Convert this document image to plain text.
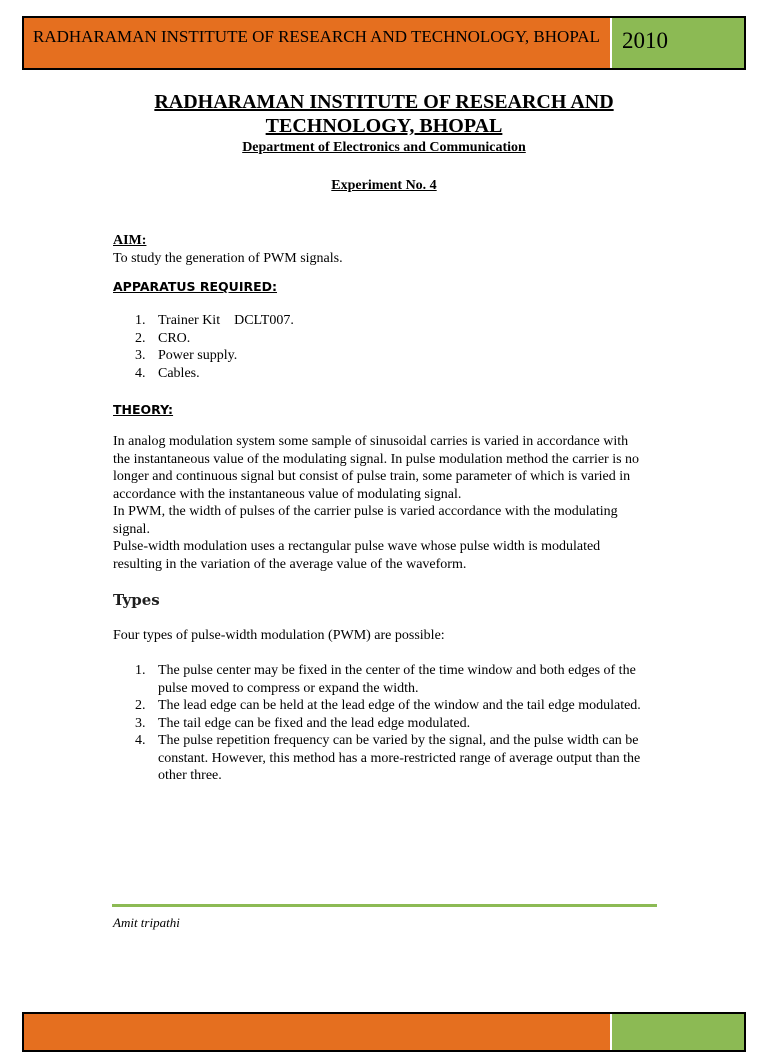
RADHARAMAN INSTITUTE OF RESEARCH AND TECHNOLOGY, BHOPAL 2010
RADHARAMAN INSTITUTE OF RESEARCH AND TECHNOLOGY, BHOPAL
Department of Electronics and Communication
Experiment No. 4
AIM:
To study the generation of PWM signals.
APPARATUS REQUIRED:
1. Trainer Kit    DCLT007.
2. CRO.
3. Power supply.
4. Cables.
THEORY:
In analog modulation system some sample of sinusoidal carries is varied in accordance with the instantaneous value of the modulating signal. In pulse modulation method the carrier is no longer and continuous signal but consist of pulse train, some parameter of which is varied in accordance with the instantaneous value of modulating signal.
In PWM, the width of pulses of the carrier pulse is varied accordance with the modulating signal.
Pulse-width modulation uses a rectangular pulse wave whose pulse width is modulated resulting in the variation of the average value of the waveform.
Types
Four types of pulse-width modulation (PWM) are possible:
1. The pulse center may be fixed in the center of the time window and both edges of the pulse moved to compress or expand the width.
2. The lead edge can be held at the lead edge of the window and the tail edge modulated.
3. The tail edge can be fixed and the lead edge modulated.
4. The pulse repetition frequency can be varied by the signal, and the pulse width can be constant. However, this method has a more-restricted range of average output than the other three.
Amit tripathi
